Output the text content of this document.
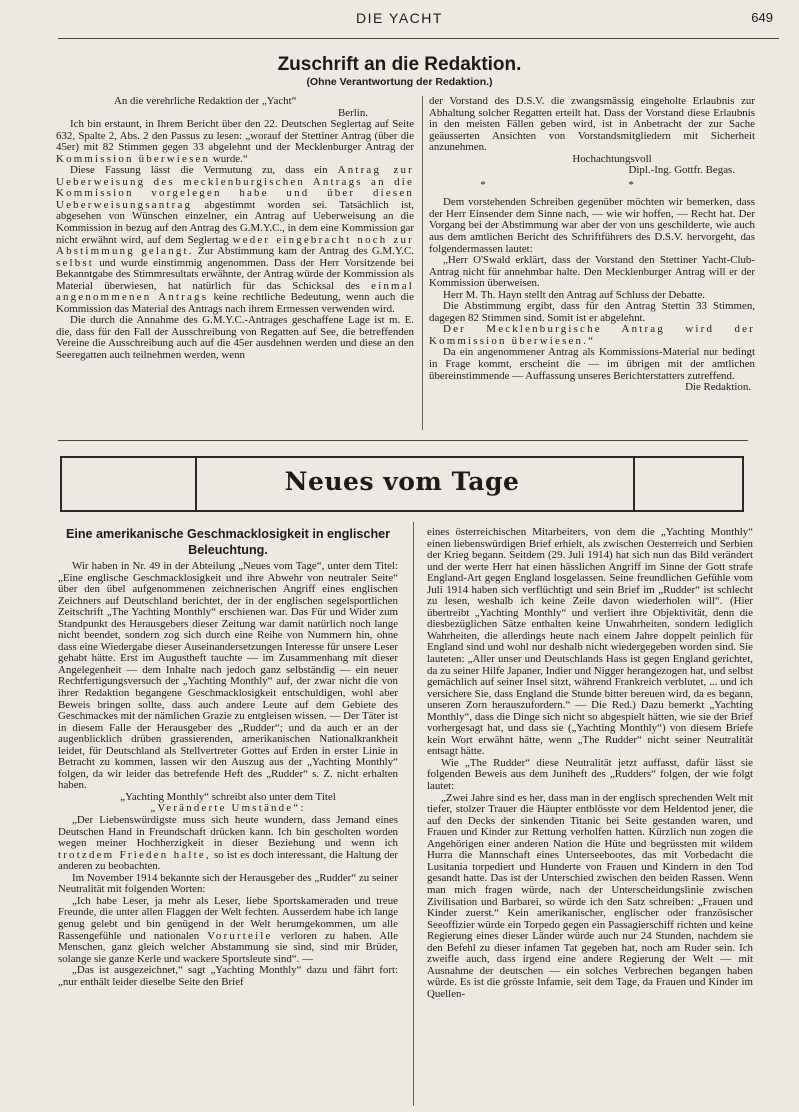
DIE YACHT	649
Zuschrift an die Redaktion.
(Ohne Verantwortung der Redaktion.)

An die verehrliche Redaktion der „Yacht“

Berlin.

Ich bin erstaunt, in Ihrem Bericht über den 22. Deutschen Seglertag auf Seite 632, Spalte 2, Abs. 2 den Passus zu lesen: „worauf der Stettiner Antrag (über die 45er) mit 82 Stimmen gegen 33 abgelehnt und der Mecklenburger Antrag der Kommission überwiesen wurde.“

Diese Fassung lässt die Vermutung zu, dass ein Antrag zur Ueberweisung des mecklenburgischen Antrags an die Kommission vorgelegen habe und über diesen Ueberweisungsantrag abgestimmt worden sei. Tatsächlich ist, abgesehen von Wünschen einzelner, ein Antrag auf Ueberweisung an die Kommission in bezug auf den Antrag des G.M.Y.C., in dem eine Kommission gar nicht erwähnt wird, auf dem Seglertag weder eingebracht noch zur Abstimmung gelangt. Zur Abstimmung kam der Antrag des G.M.Y.C. selbst und wurde einstimmig angenommen. Dass der Herr Vorsitzende bei Bekanntgabe des Stimmresultats erwähnte, der Antrag würde der Kommission als Material überwiesen, hat natürlich für das Schicksal des einmal angenommenen Antrags keine rechtliche Bedeutung, wenn auch die Kommission das Material des Antrags nach ihrem Ermessen verwenden wird.

Die durch die Annahme des G.M.Y.C.-Antrages geschaffene Lage ist m. E. die, dass für den Fall der Ausschreibung von Regatten auf See, die betreffenden Vereine die Ausschreibung auch auf die 45er ausdehnen werden und diese an den Seeregatten auch teilnehmen werden, wenn

der Vorstand des D.S.V. die zwangsmässig eingeholte Erlaubnis zur Abhaltung solcher Regatten erteilt hat. Dass der Vorstand diese Erlaubnis in den meisten Fällen geben wird, ist in Anbetracht der zur Sache geäusserten Ansichten von Vorstandsmitgliedern mit Sicherheit anzunehmen.

Hochachtungsvoll

Dipl.-Ing. Gottfr. Begas.

* *

Dem vorstehenden Schreiben gegenüber möchten wir bemerken, dass der Herr Einsender dem Sinne nach, — wie wir hoffen, — Recht hat. Der Vorgang bei der Abstimmung war aber der von uns geschilderte, wie auch aus dem amtlichen Bericht des Schriftführers des D.S.V. hervorgeht, das folgendermassen lautet:

„Herr O'Swald erklärt, dass der Vorstand den Stettiner Yacht-Club-Antrag nicht für annehmbar halte. Den Mecklenburger Antrag will er der Kommission überweisen.

Herr M. Th. Hayn stellt den Antrag auf Schluss der Debatte.

Die Abstimmung ergibt, dass für den Antrag Stettin 33 Stimmen, dagegen 82 Stimmen sind. Somit ist er abgelehnt.

Der Mecklenburgische Antrag wird der Kommission überwiesen.“

Da ein angenommener Antrag als Kommissions-Material nur bedingt in Frage kommt, erscheint die — im übrigen mit der amtlichen übereinstimmende — Auffassung unseres Berichterstatters zutreffend.
Die Redaktion.

Neues vom Tage
Eine amerikanische Geschmacklosigkeit in englischer Beleuchtung.

Wir haben in Nr. 49 in der Abteilung „Neues vom Tage“, unter dem Titel: „Eine englische Geschmacklosigkeit und ihre Abwehr von neutraler Seite“ über den übel aufgenommenen zeichnerischen Angriff eines englischen Zeichners auf Deutschland berichtet, der in der englischen segelsportlichen Zeitschrift „The Yachting Monthly“ erschienen war. Das Für und Wider zum Standpunkt des Herausgebers dieser Zeitung war damit natürlich noch lange nicht beendet, sondern zog sich durch eine Reihe von Nummern hin, ohne dass eine Wiedergabe dieser Auseinandersetzungen Interesse für unsere Leser gehabt hätte. Erst im Augustheft tauchte — im Zusammenhang mit dieser Angelegenheit — dem Inhalte nach jedoch ganz selbständig — ein neuer Rechtfertigungsversuch der „Yachting Monthly“ auf, der zwar nicht die von ihrer Redaktion begangene Geschmacklosigkeit entschuldigen, wohl aber Beweis bringen sollte, dass auch andere Leute auf dem Gebiete des Geschmackes mit der nämlichen Grazie zu entgleisen wissen. — Der Täter ist in diesem Falle der Herausgeber des „Rudder“; und da auch er an der augenblicklich drüben grassierenden, amerikanischen Nationalkrankheit leidet, für Deutschland als Stellvertreter Gottes auf Erden in erster Linie in Betracht zu kommen, lassen wir den Auszug aus der „Yachting Monthly“ folgen, da wir leider das betrefende Heft des „Rudder“ s. Z. nicht erhalten haben.

„Yachting Monthly“ schreibt also unter dem Titel

„Veränderte Umstände“:

„Der Liebenswürdigste muss sich heute wundern, dass Jemand eines Deutschen Hand in Freundschaft drücken kann. Ich bin gescholten worden wegen meiner Hochherzigkeit in dieser Beziehung und wenn ich trotzdem Frieden halte, so ist es doch interessant, die Haltung der anderen zu beobachten.

Im November 1914 bekannte sich der Herausgeber des „Rudder“ zu seiner Neutralität mit folgenden Worten:

„Ich habe Leser, ja mehr als Leser, liebe Sportskameraden und treue Freunde, die unter allen Flaggen der Welt fechten. Ausserdem habe ich lange genug gelebt und bin genügend in der Welt herumgekommen, um alle Rassengefühle und nationalen Vorurteile verloren zu haben. Alle Menschen, ganz gleich welcher Abstammung sie sind, sind mir Brüder, solange sie ganze Kerle und wackere Sportsleute sind“. —

„Das ist ausgezeichnet,“ sagt „Yachting Monthly“ dazu und fährt fort: „nur enthält leider dieselbe Seite den Brief

eines österreichischen Mitarbeiters, von dem die „Yachting Monthly“ einen liebenswürdigen Brief erhielt, als zwischen Oesterreich und Serbien der Krieg begann. Seitdem (29. Juli 1914) hat sich nun das Bild verändert und der werte Herr hat einen hässlichen Angriff im Sinne der Gott strafe England-Art gegen England losgelassen. Seine freundlichen Gefühle vom Juli 1914 haben sich verflüchtigt und sein Brief im „Rudder“ ist schlecht zu lesen, weshalb ich keine Zeile davon wiederholen will“. (Hier übertreibt „Yachting Monthly“ und verliert ihre Objektivität, denn die diesbezüglichen Sätze enthalten keine Unwahrheiten, sondern lediglich Wahrheiten, die allerdings heute nach einem Jahre doppelt peinlich für England sind und wohl nur deshalb nicht wiedergegeben worden sind. Sie lauteten: „Aller unser und Deutschlands Hass ist gegen England gerichtet, da zu seiner Hilfe Japaner, Indier und Nigger herangezogen hat, und selbst gemächlich auf seiner Insel sitzt, während Frankreich verblutet, ... und ich versichere Sie, dass England die Stunde bitter bereuen wird, da es begann, unseren Zorn herauszufordern.“ — Die Red.) Dazu bemerkt „Yachting Monthly“, dass die Dinge sich nicht so abgespielt hätten, wie sie der Brief vorhergesagt hat, und dass sie („Yachting Monthly“) von diesem Briefe kein Wort erwähnt hätte, wenn „The Rudder“ nicht seiner Neutralität entsagt hätte.

Wie „The Rudder“ diese Neutralität jetzt auffasst, dafür lässt sie folgenden Beweis aus dem Juniheft des „Rudders“ folgen, der wie folgt lautet:

„Zwei Jahre sind es her, dass man in der englisch sprechenden Welt mit tiefer, stolzer Trauer die Häupter entblösste vor dem Heldentod jener, die auf den Decks der sinkenden Titanic bei Seite gestanden waren, und Frauen und Kinder zur Rettung verholfen hatten. Kürzlich nun zogen die Angehörigen einer anderen Nation die Hüte und begrüssten mit wildem Hurra die Mannschaft eines Unterseebootes, das mit Vorbedacht die Lusitania torpediert und Hunderte von Frauen und Kindern in den Tod gesandt hatte. Das ist der Unterschied zwischen den beiden Rassen. Wenn man mich fragen würde, nach der Unterscheidungslinie zwischen Zivilisation und Barbarei, so würde ich den Satz schreiben: „Frauen und Kinder zuerst.“ Kein amerikanischer, englischer oder französischer Seeoffizier würde ein Torpedo gegen ein Passagierschiff richten und keine Regierung eines dieser Länder würde auch nur 24 Stunden, nachdem sie den Befehl zu dieser infamen Tat gegeben hat, noch am Ruder sein. Ich zweifle auch, dass irgend eine andere Regierung der Welt — mit Ausnahme der deutschen — ein solches Verbrechen begangen haben würde. Es ist die grösste Infamie, seit dem Tage, da Frauen und Kinder im Quellen-
